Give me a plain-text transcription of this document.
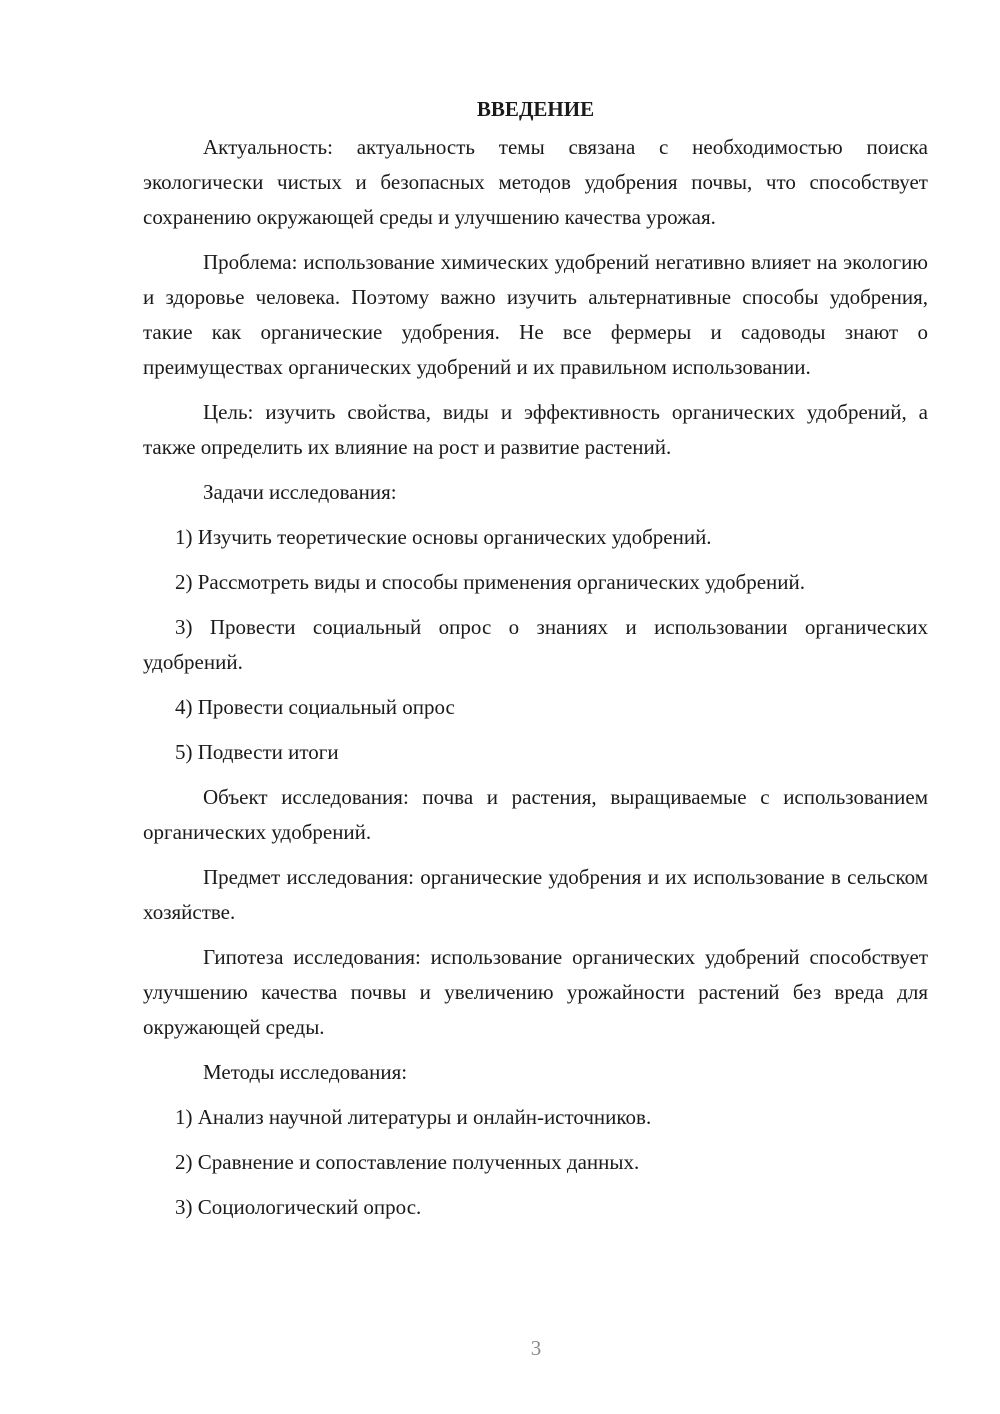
ВВЕДЕНИЕ

Актуальность: актуальность темы связана с необходимостью поиска экологически чистых и безопасных методов удобрения почвы, что способствует сохранению окружающей среды и улучшению качества урожая.

Проблема: использование химических удобрений негативно влияет на экологию и здоровье человека. Поэтому важно изучить альтернативные способы удобрения, такие как органические удобрения. Не все фермеры и садоводы знают о преимуществах органических удобрений и их правильном использовании.

Цель: изучить свойства, виды и эффективность органических удобрений, а также определить их влияние на рост и развитие растений.

Задачи исследования:

1) Изучить теоретические основы органических удобрений.

2) Рассмотреть виды и способы применения органических удобрений.

3) Провести социальный опрос о знаниях и использовании органических удобрений.

4) Провести социальный опрос

5) Подвести итоги

Объект исследования: почва и растения, выращиваемые с использованием органических удобрений.

Предмет исследования: органические удобрения и их использование в сельском хозяйстве.

Гипотеза исследования: использование органических удобрений способствует улучшению качества почвы и увеличению урожайности растений без вреда для окружающей среды.

Методы исследования:

1) Анализ научной литературы и онлайн-источников.

2) Сравнение и сопоставление полученных данных.

3) Социологический опрос.

3
